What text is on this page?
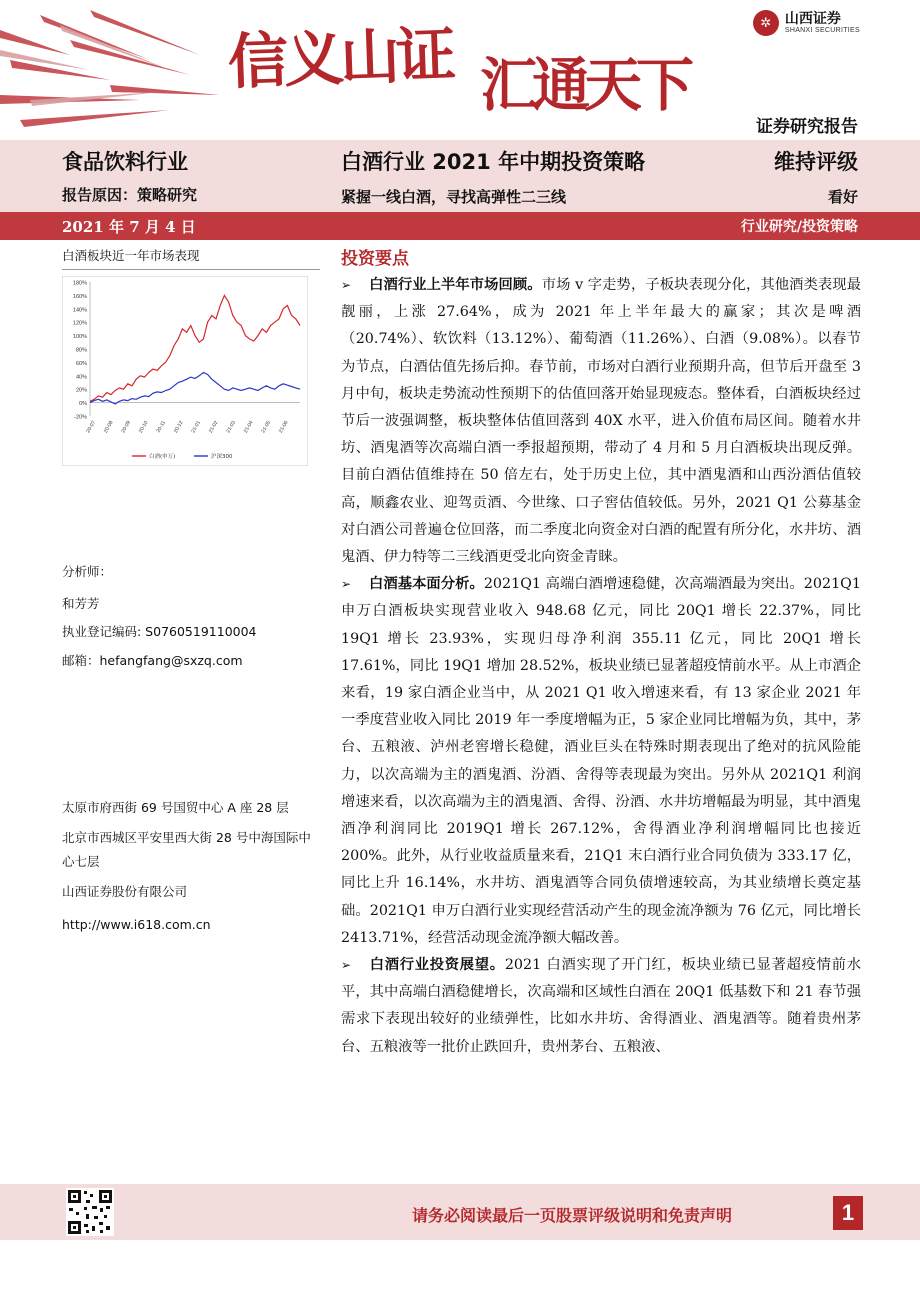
✲ 山西证券
SHANXI SECURITIES
信义山证 汇通天下
证券研究报告
食品饮料行业
报告原因：策略研究
白酒行业 2021 年中期投资策略
紧握一线白酒，寻找高弹性二三线
维持评级
看好
2021 年 7 月 4 日	行业研究/投资策略
白酒板块近一年市场表现
180%
160%
140%
120%
100%
80%
60%
40%
20%
0%
-20%
20-07 20-08 20-09 20-10 20-11 20-12 21-01 21-02 21-03 21-04 21-05 21-06
白酒(申万)	沪深300
分析师：
和芳芳
执业登记编码: S0760519110004
邮箱：hefangfang@sxzq.com
太原市府西街 69 号国贸中心 A 座 28 层
北京市西城区平安里西大街 28 号中海国际中心七层
山西证券股份有限公司
http://www.i618.com.cn
投资要点

➢ 白酒行业上半年市场回顾。市场 v 字走势，子板块表现分化，其他酒类表现最靓丽，上涨 27.64%，成为 2021 年上半年最大的赢家；其次是啤酒（20.74%）、软饮料（13.12%）、葡萄酒（11.26%）、白酒（9.08%）。以春节为节点，白酒估值先扬后抑。春节前，市场对白酒行业预期升高，但节后开盘至 3 月中旬，板块走势流动性预期下的估值回落开始显现疲态。整体看，白酒板块经过节后一波强调整，板块整体估值回落到 40X 水平，进入价值布局区间。随着水井坊、酒鬼酒等次高端白酒一季报超预期，带动了 4 月和 5 月白酒板块出现反弹。目前白酒估值维持在 50 倍左右，处于历史上位，其中酒鬼酒和山西汾酒估值较高，顺鑫农业、迎驾贡酒、今世缘、口子窖估值较低。另外，2021 Q1 公募基金对白酒公司普遍仓位回落，而二季度北向资金对白酒的配置有所分化，水井坊、酒鬼酒、伊力特等二三线酒更受北向资金青睐。

➢ 白酒基本面分析。2021Q1 高端白酒增速稳健，次高端酒最为突出。2021Q1 申万白酒板块实现营业收入 948.68 亿元，同比 20Q1 增长 22.37%，同比 19Q1 增长 23.93%，实现归母净利润 355.11 亿元，同比 20Q1 增长 17.61%，同比 19Q1 增加 28.52%，板块业绩已显著超疫情前水平。从上市酒企来看，19 家白酒企业当中，从 2021 Q1 收入增速来看，有 13 家企业 2021 年一季度营业收入同比 2019 年一季度增幅为正，5 家企业同比增幅为负，其中，茅台、五粮液、泸州老窖增长稳健，酒业巨头在特殊时期表现出了绝对的抗风险能力，以次高端为主的酒鬼酒、汾酒、舍得等表现最为突出。另外从 2021Q1 利润增速来看，以次高端为主的酒鬼酒、舍得、汾酒、水井坊增幅最为明显，其中酒鬼酒净利润同比 2019Q1 增长 267.12%，舍得酒业净利润增幅同比也接近 200%。此外，从行业收益质量来看，21Q1 末白酒行业合同负债为 333.17 亿，同比上升 16.14%，水井坊、酒鬼酒等合同负债增速较高，为其业绩增长奠定基础。2021Q1 申万白酒行业实现经营活动产生的现金流净额为 76 亿元，同比增长 2413.71%，经营活动现金流净额大幅改善。

➢ 白酒行业投资展望。2021 白酒实现了开门红，板块业绩已显著超疫情前水平，其中高端白酒稳健增长，次高端和区域性白酒在 20Q1 低基数下和 21 春节强需求下表现出较好的业绩弹性，比如水井坊、舍得酒业、酒鬼酒等。随着贵州茅台、五粮液等一批价止跌回升，贵州茅台、五粮液、

请务必阅读最后一页股票评级说明和免责声明	1
